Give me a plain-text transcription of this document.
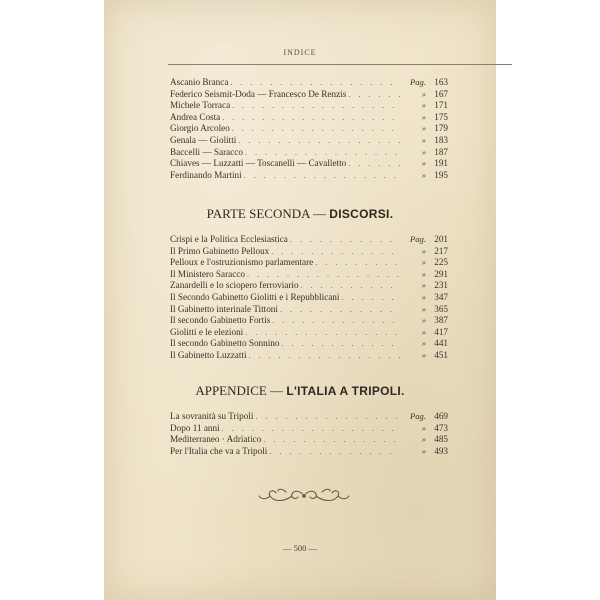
INDICE
Ascanio Branca . . .	Pag. 163
Federico Seismit-Doda — Francesco De Renzis . . .	» 167
Michele Torraca . . .	» 171
Andrea Costa . . .	» 175
Giorgio Arcoleo . . .	» 179
Genala — Giolitti . . .	» 183
Baccelli — Saracco . . .	» 187
Chiaves — Luzzatti — Toscanelli — Cavalletto . . .	» 191
Ferdinando Martini . . .	» 195
PARTE SECONDA — DISCORSI.
Crispi e la Politica Ecclesiastica . . .	Pag. 201
Il Primo Gabinetto Pelloux . . .	» 217
Pelloux e l'ostruzionismo parlamentare . . .	» 225
Il Ministero Saracco . . .	» 291
Zanardelli e lo sciopero ferroviario . . .	» 231
Il Secondo Gabinetto Giolitti e i Repubblicani . . .	» 347
Il Gabinetto interinale Tittoni . . .	» 365
Il secondo Gabinetto Fortis . . .	» 387
Giolitti e le elezioni . . .	» 417
Il secondo Gabinetto Sonnino . . .	» 441
Il Gabinetto Luzzatti . . .	» 451
APPENDICE — L'ITALIA A TRIPOLI.
La sovranità su Tripoli . . .	Pag. 469
Dopo 11 anni . . .	» 473
Mediterraneo · Adriatico . . .	» 485
Per l'Italia che va a Tripoli . . .	» 493
— 500 —
